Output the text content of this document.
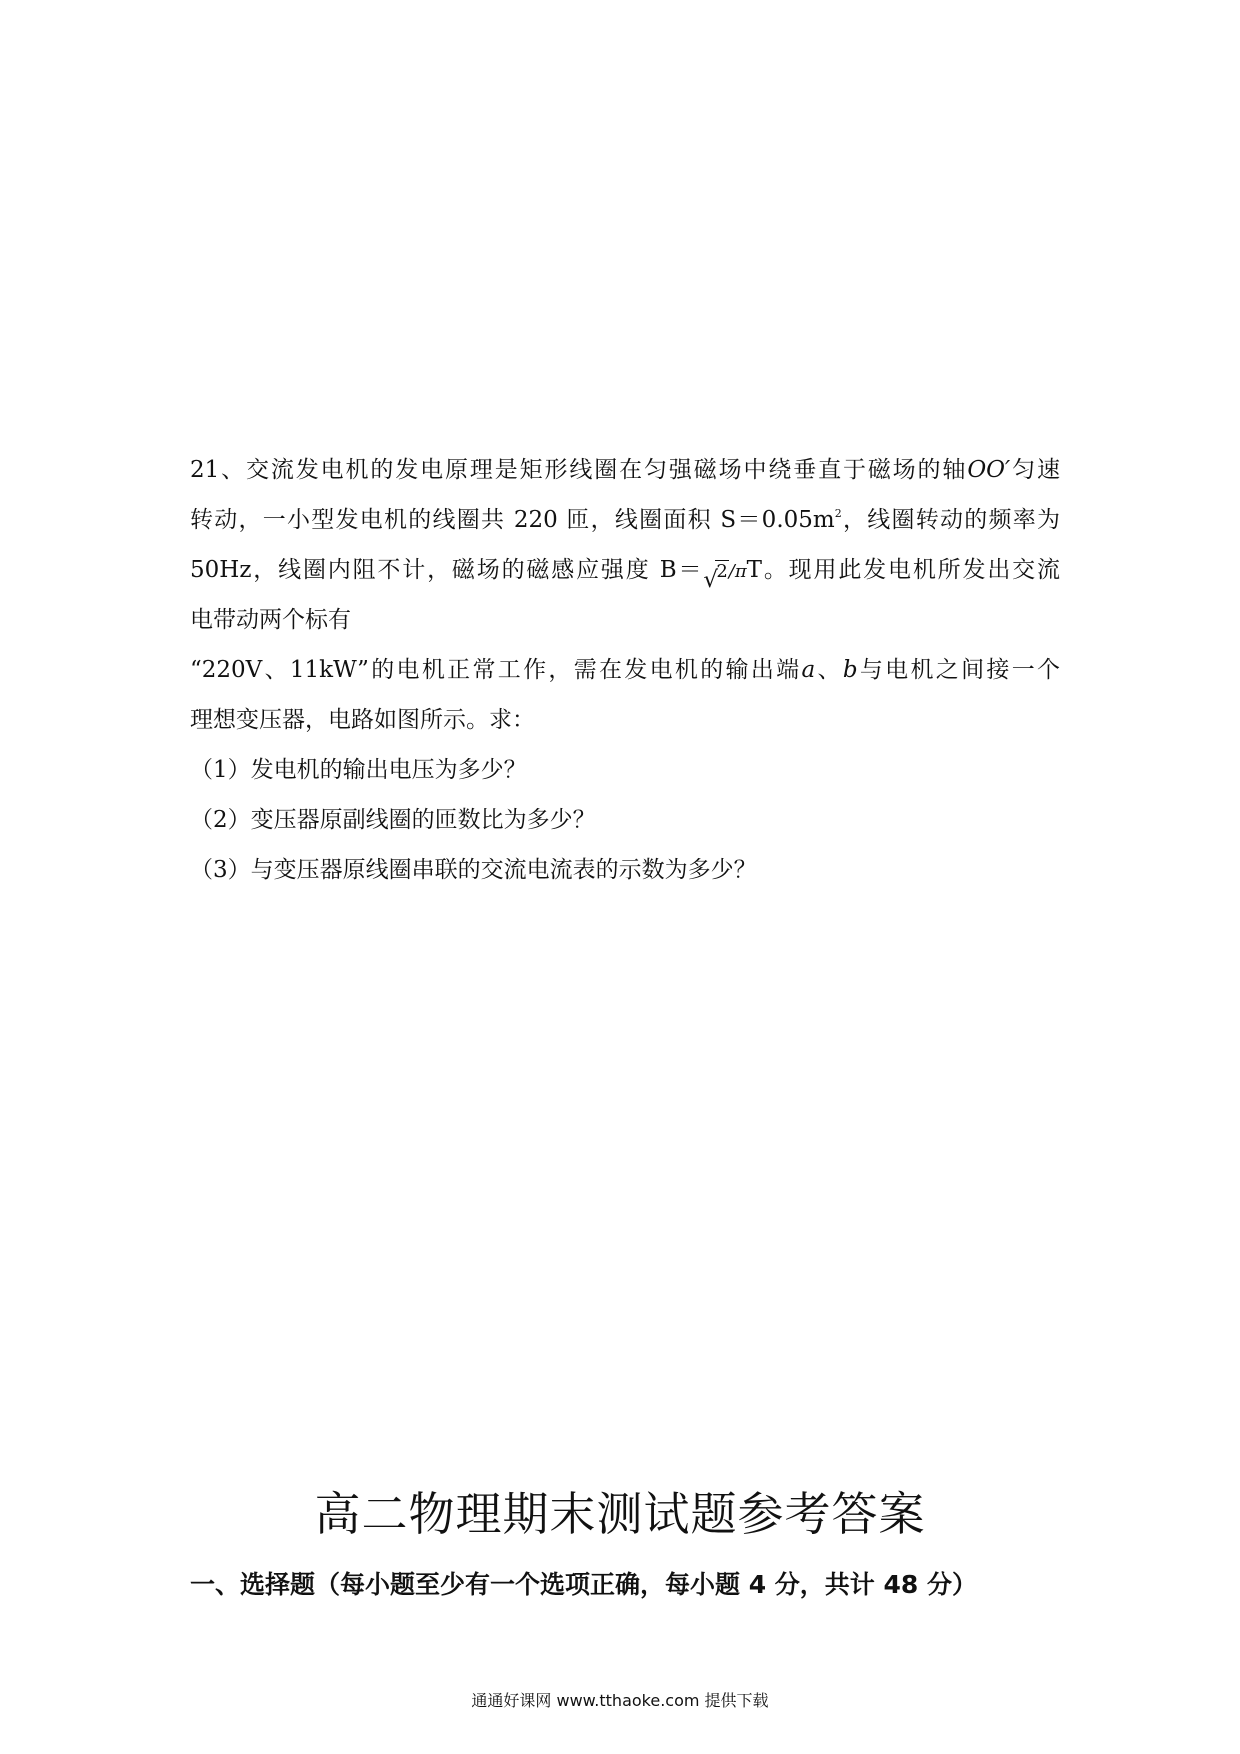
21、交流发电机的发电原理是矩形线圈在匀强磁场中绕垂直于磁场的轴OO′匀速
转动，一小型发电机的线圈共 220 匝，线圈面积 $S=0.05m^2$，线圈转动的频率为
50Hz，线圈内阻不计，磁场的磁感应强度 B＝√ 2/πT。现用此发电机所发出交流
电带动两个标有
“220V、11kW”的电机正常工作，需在发电机的输出端a、b与电机之间接一个
理想变压器，电路如图所示。求：
（1）发电机的输出电压为多少？
（2）变压器原副线圈的匝数比为多少？
（3）与变压器原线圈串联的交流电流表的示数为多少？
高二物理期末测试题参考答案
一、选择题（每小题至少有一个选项正确，每小题 4 分，共计 48 分）
通通好课网 www.tthaoke.com 提供下载
